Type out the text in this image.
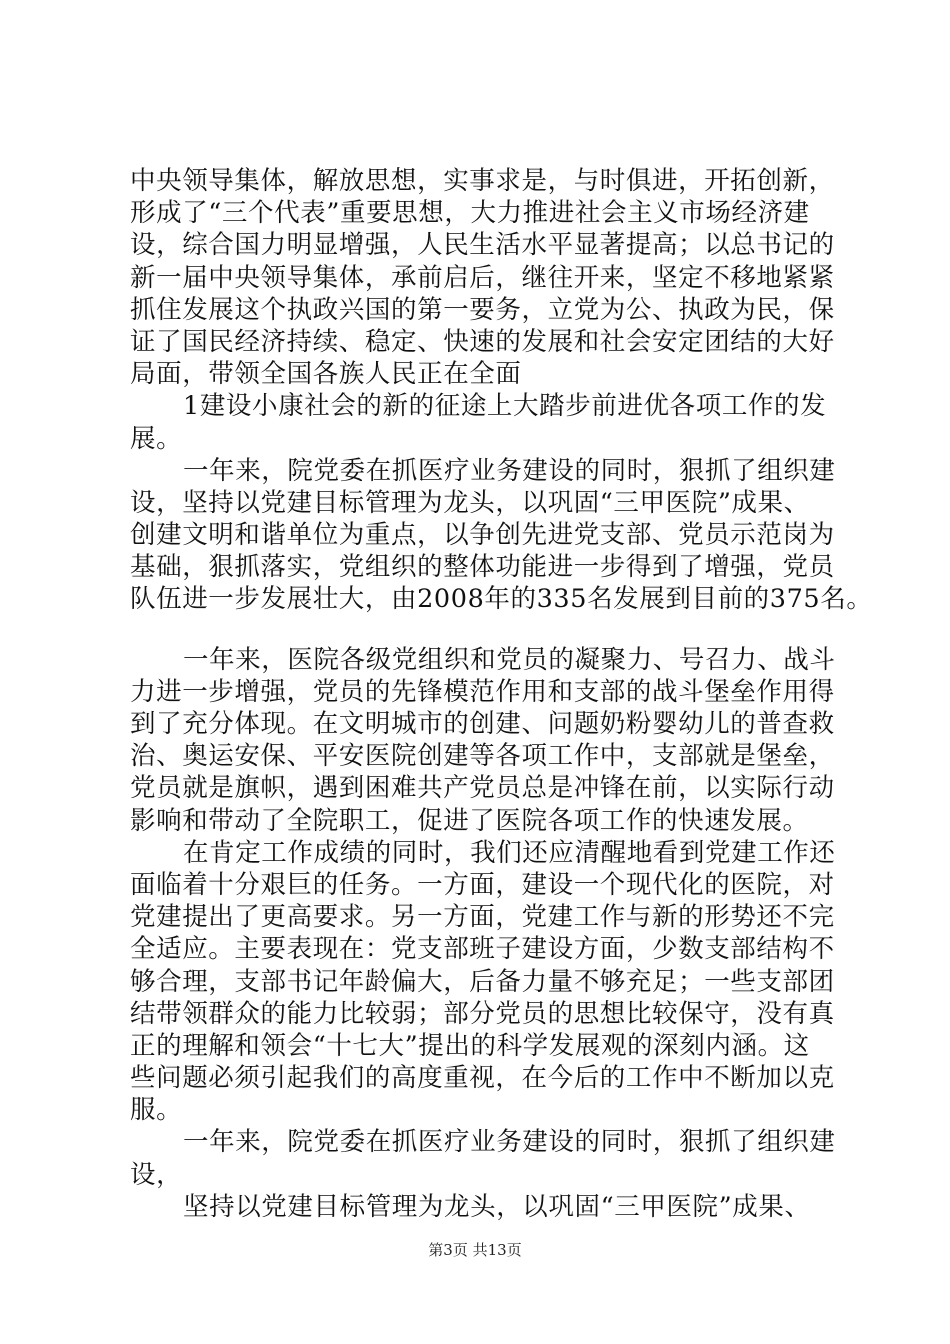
中央领导集体，解放思想，实事求是，与时俱进，开拓创新，
形成了“三个代表”重要思想，大力推进社会主义市场经济建
设，综合国力明显增强，人民生活水平显著提高；以总书记的
新一届中央领导集体，承前启后，继往开来，坚定不移地紧紧
抓住发展这个执政兴国的第一要务，立党为公、执政为民，保
证了国民经济持续、稳定、快速的发展和社会安定团结的大好
局面，带领全国各族人民正在全面
1建设小康社会的新的征途上大踏步前进优各项工作的发
展。
一年来，院党委在抓医疗业务建设的同时，狠抓了组织建
设，坚持以党建目标管理为龙头，以巩固“三甲医院”成果、
创建文明和谐单位为重点，以争创先进党支部、党员示范岗为
基础，狠抓落实，党组织的整体功能进一步得到了增强，党员
队伍进一步发展壮大，由2008年的335名发展到目前的375名。
一年来，医院各级党组织和党员的凝聚力、号召力、战斗
力进一步增强，党员的先锋模范作用和支部的战斗堡垒作用得
到了充分体现。在文明城市的创建、问题奶粉婴幼儿的普查救
治、奥运安保、平安医院创建等各项工作中，支部就是堡垒，
党员就是旗帜，遇到困难共产党员总是冲锋在前，以实际行动
影响和带动了全院职工，促进了医院各项工作的快速发展。
在肯定工作成绩的同时，我们还应清醒地看到党建工作还
面临着十分艰巨的任务。一方面，建设一个现代化的医院，对
党建提出了更高要求。另一方面，党建工作与新的形势还不完
全适应。主要表现在：党支部班子建设方面，少数支部结构不
够合理，支部书记年龄偏大，后备力量不够充足；一些支部团
结带领群众的能力比较弱；部分党员的思想比较保守，没有真
正的理解和领会“十七大”提出的科学发展观的深刻内涵。这
些问题必须引起我们的高度重视，在今后的工作中不断加以克
服。
一年来，院党委在抓医疗业务建设的同时，狠抓了组织建
设，
坚持以党建目标管理为龙头，以巩固“三甲医院”成果、
第3页 共13页
